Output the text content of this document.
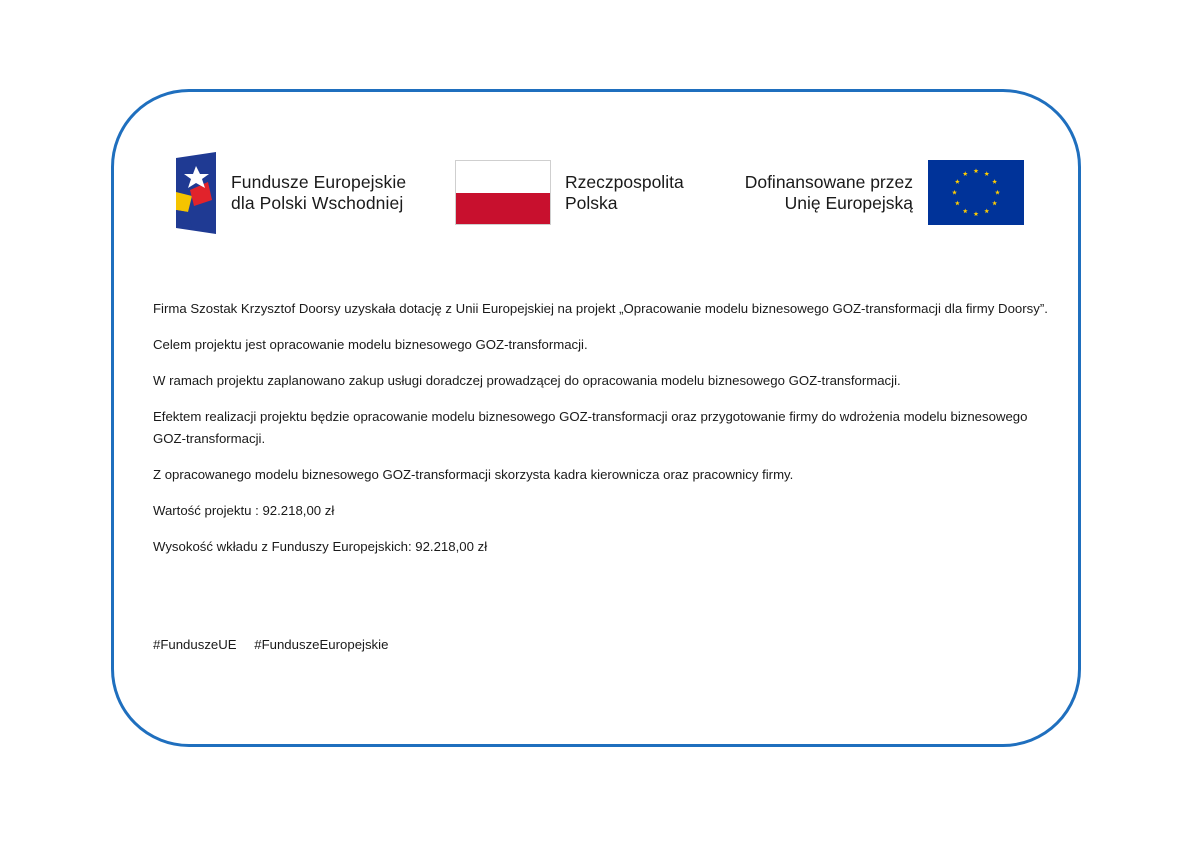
Fundusze Europejskie
dla Polski Wschodniej
Rzeczpospolita
Polska
Dofinansowane przez
Unię Europejską

Firma Szostak Krzysztof Doorsy uzyskała dotację z Unii Europejskiej na projekt „Opracowanie modelu biznesowego GOZ-transformacji dla firmy Doorsy”.

Celem projektu jest opracowanie modelu biznesowego GOZ-transformacji.

W ramach projektu zaplanowano zakup usługi doradczej prowadzącej do opracowania modelu biznesowego GOZ-transformacji.

Efektem realizacji projektu będzie opracowanie modelu biznesowego GOZ-transformacji oraz przygotowanie firmy do wdrożenia modelu biznesowego GOZ-transformacji.

Z opracowanego modelu biznesowego GOZ-transformacji skorzysta kadra kierownicza oraz pracownicy firmy.

Wartość projektu : 92.218,00 zł

Wysokość wkładu z Funduszy Europejskich: 92.218,00 zł

#FunduszeUE #FunduszeEuropejskie
